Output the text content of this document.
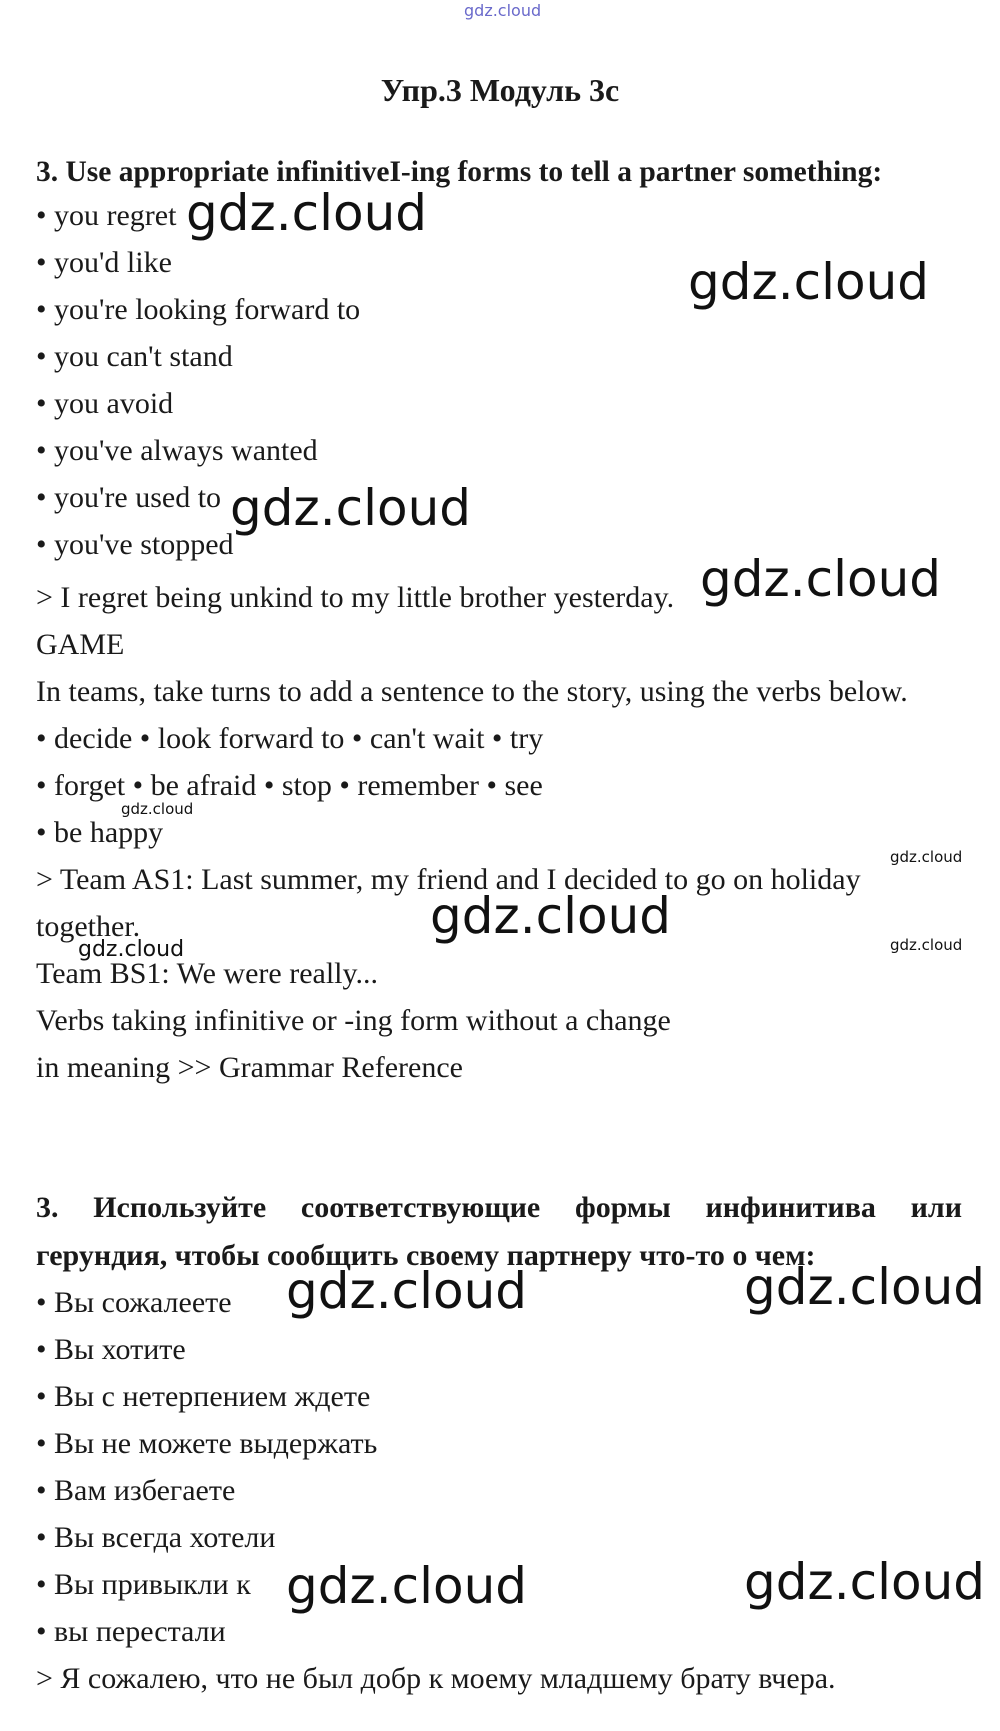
gdz.cloud
Упр.3 Модуль 3с
3. Use appropriate infinitiveI-ing forms to tell a partner something:
• you regret
• you'd like
• you're looking forward to
• you can't stand
• you avoid
• you've always wanted
• you're used to
• you've stopped
> I regret being unkind to my little brother yesterday.
GAME
In teams, take turns to add a sentence to the story, using the verbs below.
• decide • look forward to • can't wait • try
• forget • be afraid • stop • remember • see
• be happy
> Team AS1: Last summer, my friend and I decided to go on holiday
together.
Team BS1: We were really...
Verbs taking infinitive or -ing form without a change
in meaning >> Grammar Reference
3. Используйте соответствующие формы инфинитива или
герундия, чтобы сообщить своему партнеру что-то о чем:
• Вы сожалеете
• Вы хотите
• Вы с нетерпением ждете
• Вы не можете выдержать
• Вам избегаете
• Вы всегда хотели
• Вы привыкли к
• вы перестали
> Я сожалею, что не был добр к моему младшему брату вчера.
gdz.cloud
gdz.cloud
gdz.cloud
gdz.cloud
gdz.cloud
gdz.cloud
gdz.cloud
gdz.cloud	gdz.cloud
gdz.cloud	gdz.cloud
gdz.cloud	gdz.cloud
